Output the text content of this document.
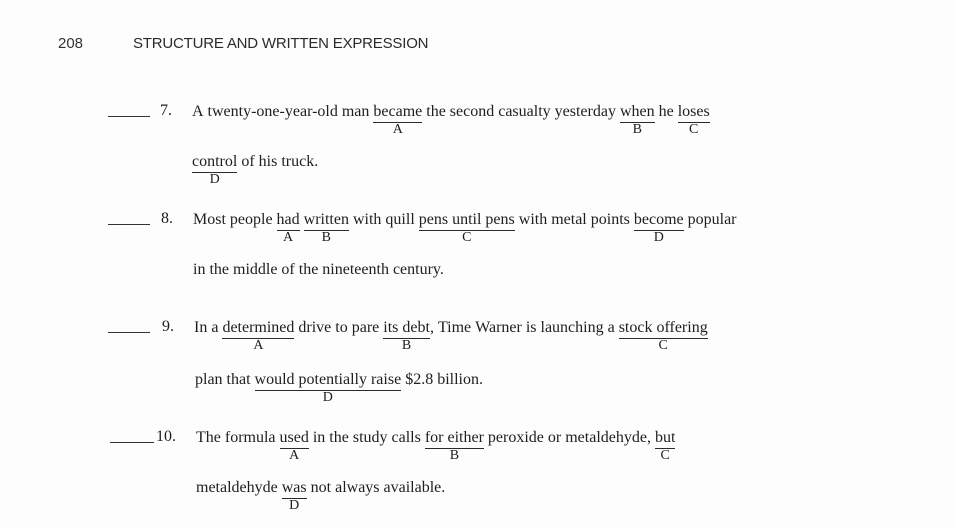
208	STRUCTURE AND WRITTEN EXPRESSION
7. A twenty-one-year-old man became
A
the second casualty yesterday when
B
he loses
C
control
D
of his truck.
8. Most people had
A
written
B
with quill pens until pens
C
with metal points become
D
popular
in the middle of the nineteenth century.
9. In a determined
A
drive to pare its debt
B
, Time Warner is launching a stock offering
C
plan that would potentially raise
D
$2.8 billion.
10. The formula used
A
in the study calls for either
B
peroxide or metaldehyde, but
C
metaldehyde was
D
not always available.
